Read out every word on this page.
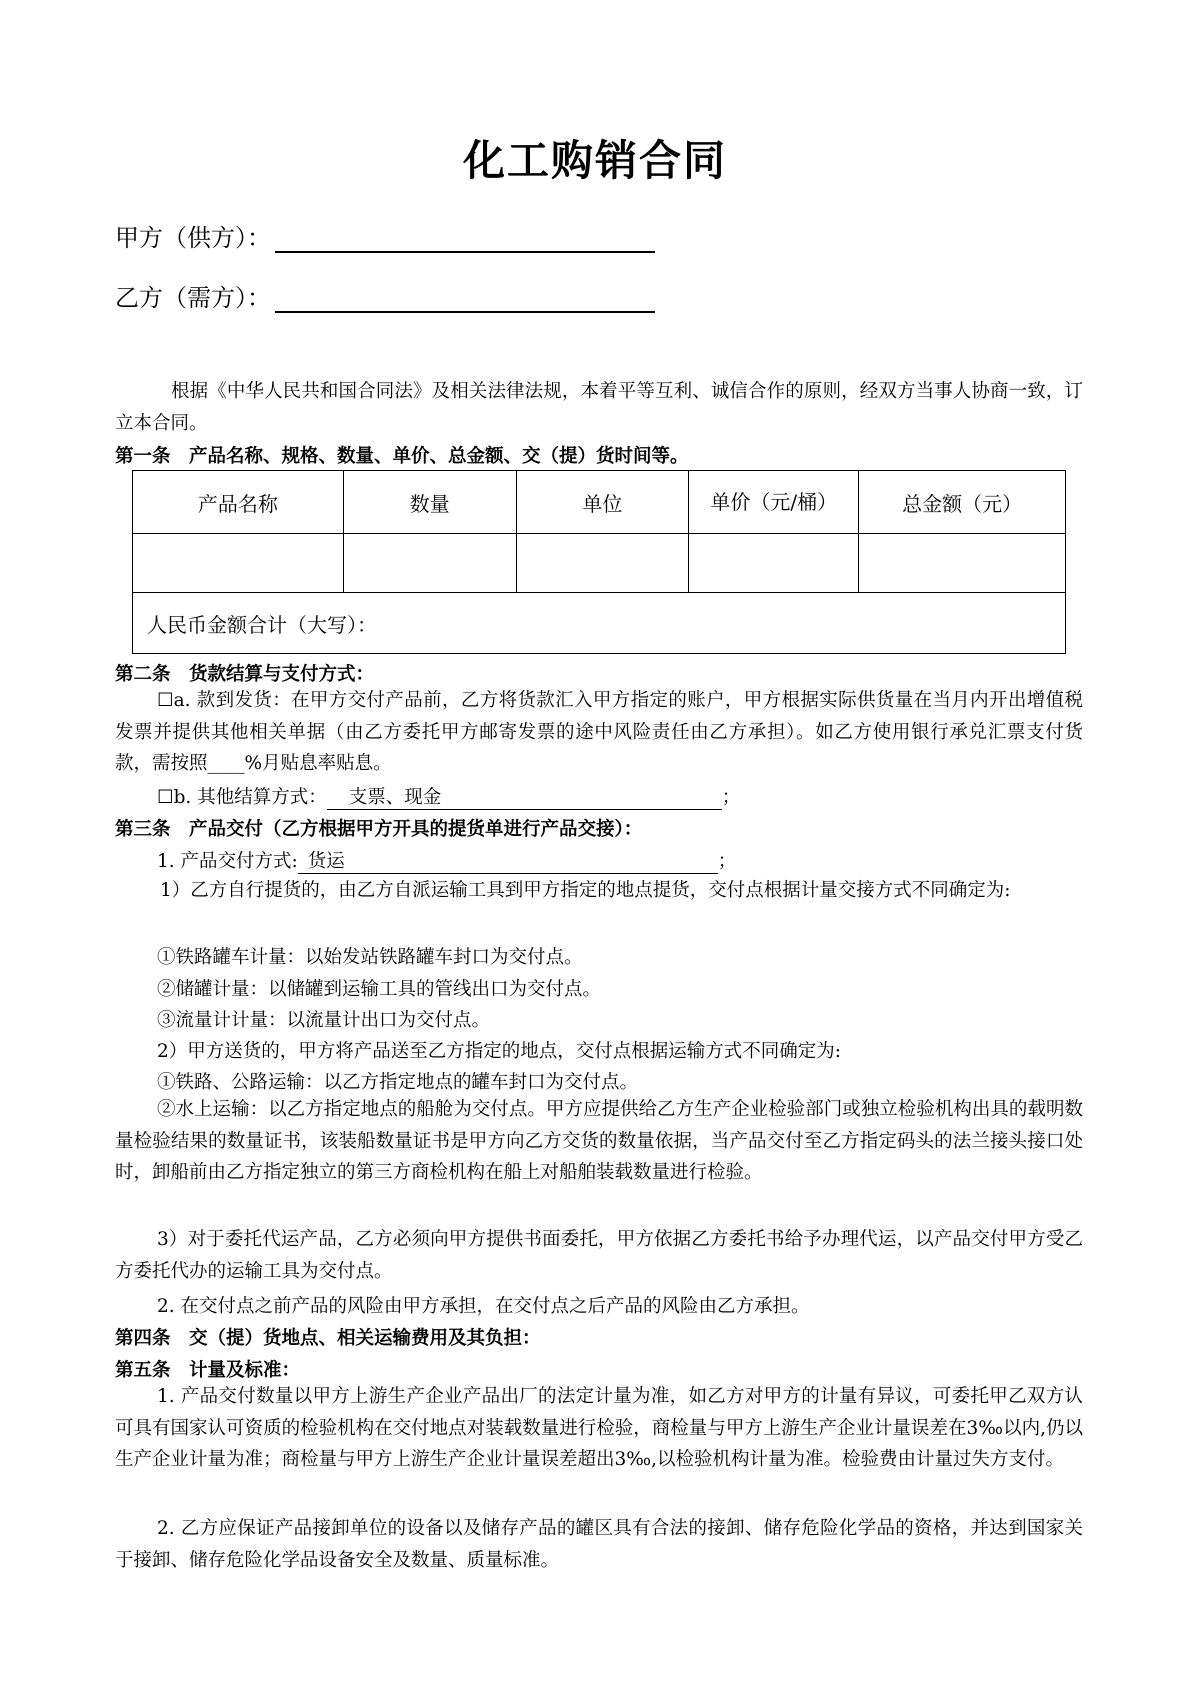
化工购销合同
甲方（供方）：
乙方（需方）：
根据《中华人民共和国合同法》及相关法律法规，本着平等互利、诚信合作的原则，经双方当事人协商一致，订立本合同。
第一条　产品名称、规格、数量、单价、总金额、交（提）货时间等。
产品名称	数量	单位	单价（元/桶）	总金额（元）

人民币金额合计（大写）：				
第二条　货款结算与支付方式：
☐a. 款到发货：在甲方交付产品前，乙方将货款汇入甲方指定的账户，甲方根据实际供货量在当月内开出增值税发票并提供其他相关单据（由乙方委托甲方邮寄发票的途中风险责任由乙方承担）。如乙方使用银行承兑汇票支付货款，需按照____%月贴息率贴息。
☐b. 其他结算方式： 支票、现金	；
第三条　产品交付（乙方根据甲方开具的提货单进行产品交接）：
1. 产品交付方式: 货运	；
1）乙方自行提货的，由乙方自派运输工具到甲方指定的地点提货，交付点根据计量交接方式不同确定为:
①铁路罐车计量：以始发站铁路罐车封口为交付点。
②储罐计量：以储罐到运输工具的管线出口为交付点。
③流量计计量：以流量计出口为交付点。
2）甲方送货的，甲方将产品送至乙方指定的地点，交付点根据运输方式不同确定为:
①铁路、公路运输：以乙方指定地点的罐车封口为交付点。
②水上运输：以乙方指定地点的船舱为交付点。甲方应提供给乙方生产企业检验部门或独立检验机构出具的载明数量检验结果的数量证书，该装船数量证书是甲方向乙方交货的数量依据，当产品交付至乙方指定码头的法兰接头接口处时，卸船前由乙方指定独立的第三方商检机构在船上对船舶装载数量进行检验。
3）对于委托代运产品，乙方必须向甲方提供书面委托，甲方依据乙方委托书给予办理代运，以产品交付甲方受乙方委托代办的运输工具为交付点。
2. 在交付点之前产品的风险由甲方承担，在交付点之后产品的风险由乙方承担。
第四条　交（提）货地点、相关运输费用及其负担：
第五条　计量及标准：
1. 产品交付数量以甲方上游生产企业产品出厂的法定计量为准，如乙方对甲方的计量有异议，可委托甲乙双方认可具有国家认可资质的检验机构在交付地点对装载数量进行检验，商检量与甲方上游生产企业计量误差在3‰以内,仍以生产企业计量为准；商检量与甲方上游生产企业计量误差超出3‰,以检验机构计量为准。检验费由计量过失方支付。
2. 乙方应保证产品接卸单位的设备以及储存产品的罐区具有合法的接卸、储存危险化学品的资格，并达到国家关于接卸、储存危险化学品设备安全及数量、质量标准。
